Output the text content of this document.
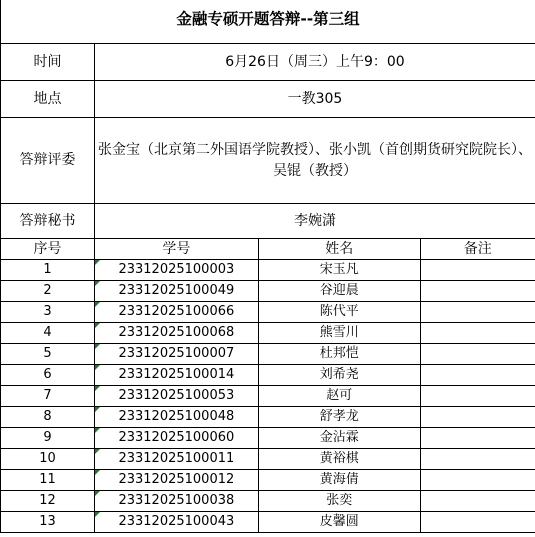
金融专硕开题答辩--第三组			
时间	6月26日（周三）上午9：00		
地点	一教305		
答辩评委	张金宝（北京第二外国语学院教授）、张小凯（首创期货研究院院长）、吴锟（教授）		
答辩秘书	李婉潇		
序号	学号	姓名	备注
1	23312025100003	宋玉凡	
2	23312025100049	谷迎晨	
3	23312025100066	陈代平	
4	23312025100068	熊雪川	
5	23312025100007	杜邦恺	
6	23312025100014	刘希尧	
7	23312025100053	赵可	
8	23312025100048	舒孝龙	
9	23312025100060	金沾霖	
10	23312025100011	黄裕棋	
11	23312025100012	黄海倩	
12	23312025100038	张奕	
13	23312025100043	皮馨圆	
